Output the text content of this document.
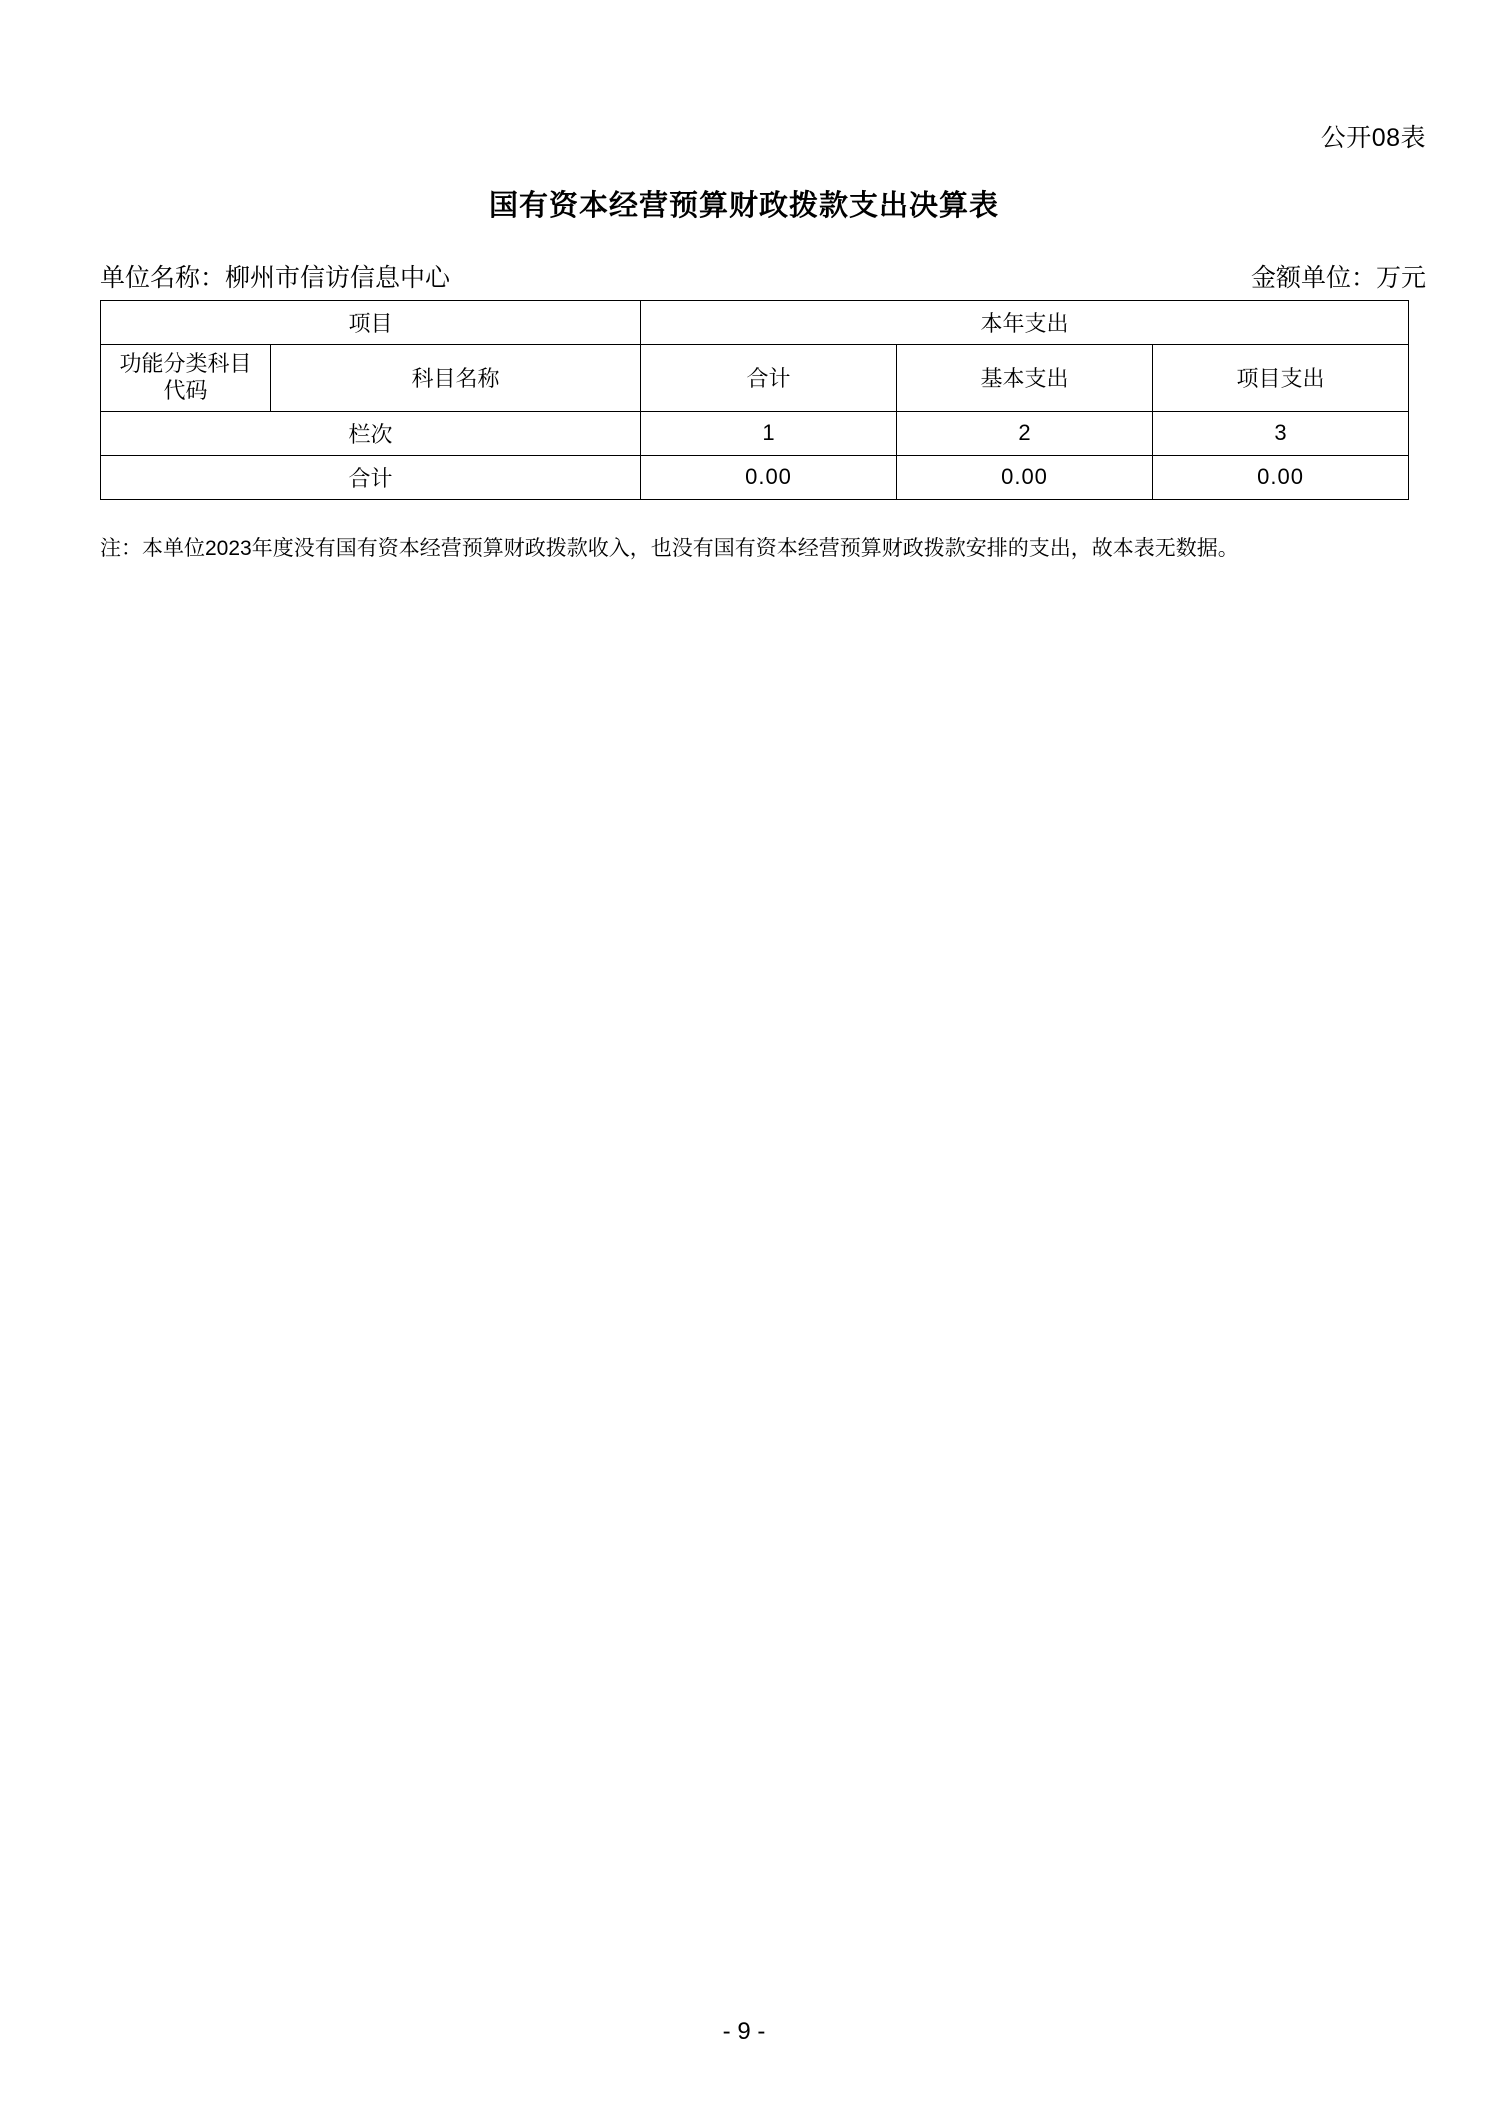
公开08表
国有资本经营预算财政拨款支出决算表
单位名称：柳州市信访信息中心	金额单位：万元
项目		本年支出		

功能分类科目
代码	科目名称	合计	基本支出	项目支出
栏次		1	2	3
合计		0.00	0.00	0.00
注：本单位2023年度没有国有资本经营预算财政拨款收入，也没有国有资本经营预算财政拨款安排的支出，故本表无数据。
- 9 -
